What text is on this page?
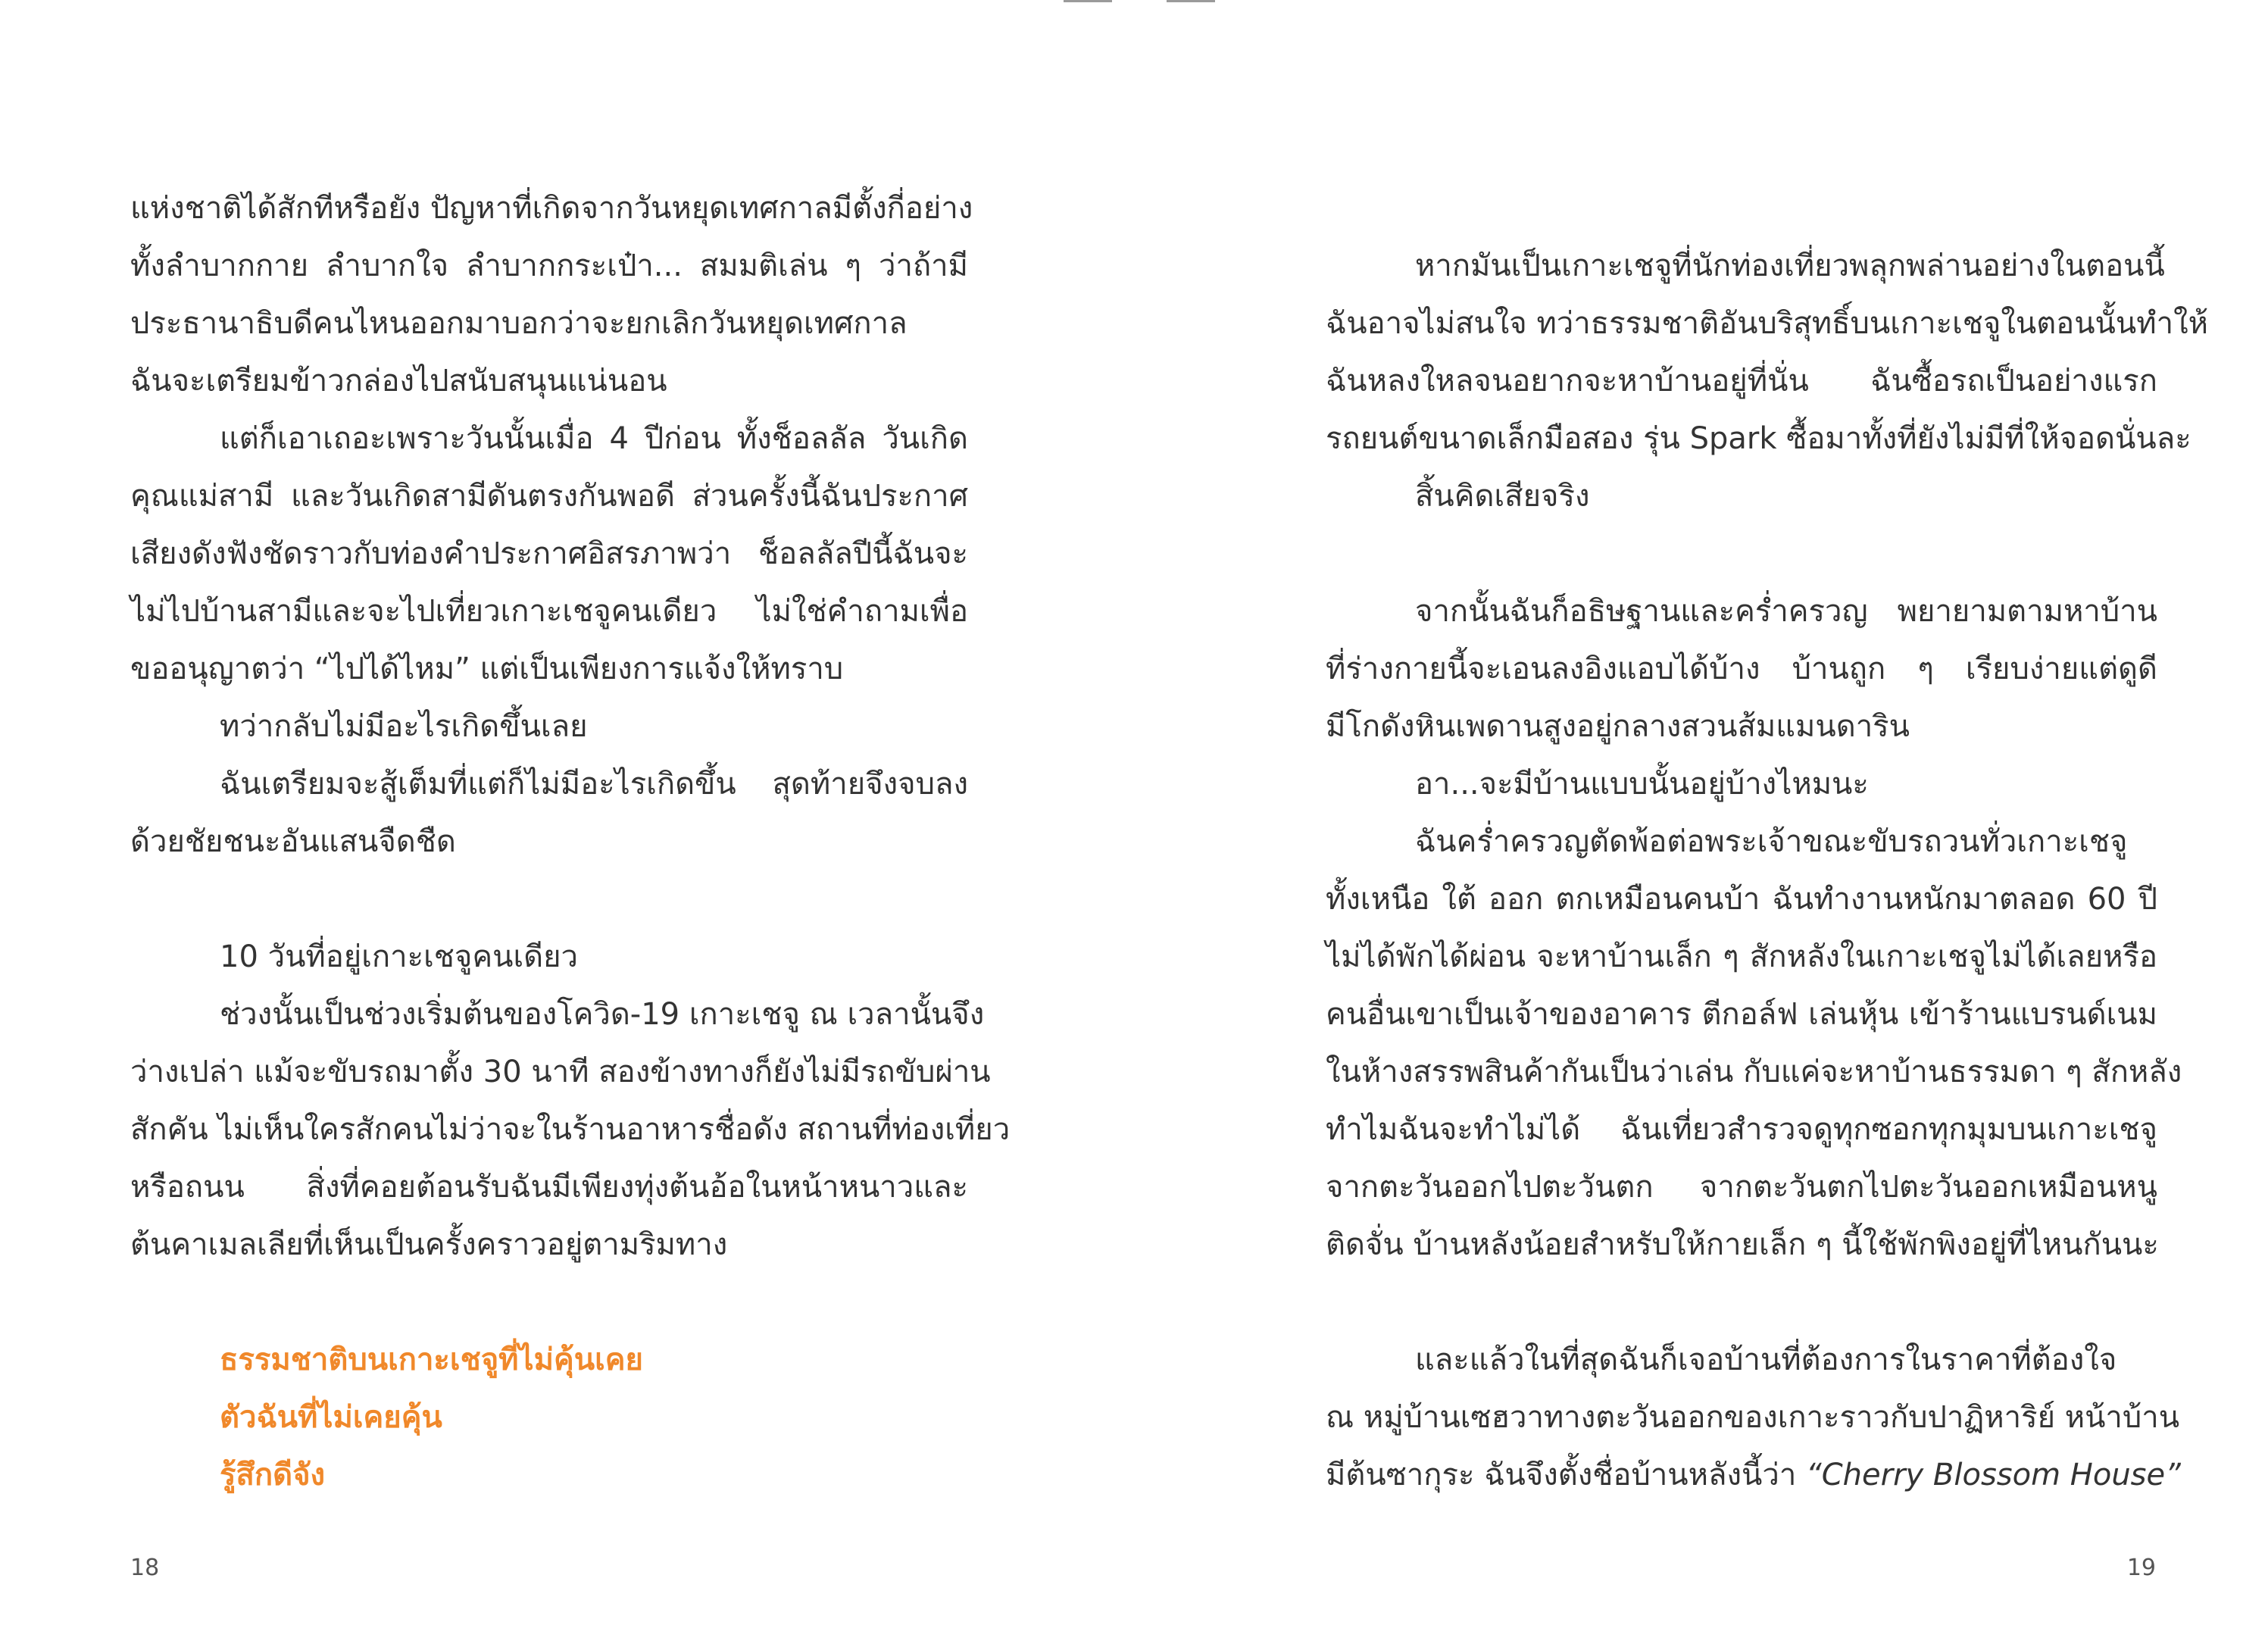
แห่งชาติได้สักทีหรือยัง ปัญหาที่เกิดจากวันหยุดเทศกาลมีตั้งกี่อย่าง
ทั้งลำบากกาย ลำบากใจ ลำบากกระเป๋า... สมมติเล่น ๆ ว่าถ้ามี
ประธานาธิบดีคนไหนออกมาบอกว่าจะยกเลิกวันหยุดเทศกาล
ฉันจะเตรียมข้าวกล่องไปสนับสนุนแน่นอน
แต่ก็เอาเถอะเพราะวันนั้นเมื่อ 4 ปีก่อน ทั้งช็อลลัล วันเกิด
คุณแม่สามี และวันเกิดสามีดันตรงกันพอดี ส่วนครั้งนี้ฉันประกาศ
เสียงดังฟังชัดราวกับท่องคำประกาศอิสรภาพว่า ช็อลลัลปีนี้ฉันจะ
ไม่ไปบ้านสามีและจะไปเที่ยวเกาะเชจูคนเดียว ไม่ใช่คำถามเพื่อ
ขออนุญาตว่า “ไปได้ไหม” แต่เป็นเพียงการแจ้งให้ทราบ
ทว่ากลับไม่มีอะไรเกิดขึ้นเลย
ฉันเตรียมจะสู้เต็มที่แต่ก็ไม่มีอะไรเกิดขึ้น สุดท้ายจึงจบลง
ด้วยชัยชนะอันแสนจืดชืด
10 วันที่อยู่เกาะเชจูคนเดียว
ช่วงนั้นเป็นช่วงเริ่มต้นของโควิด-19 เกาะเชจู ณ เวลานั้นจึง
ว่างเปล่า แม้จะขับรถมาตั้ง 30 นาที สองข้างทางก็ยังไม่มีรถขับผ่าน
สักคัน ไม่เห็นใครสักคนไม่ว่าจะในร้านอาหารชื่อดัง สถานที่ท่องเที่ยว
หรือถนน สิ่งที่คอยต้อนรับฉันมีเพียงทุ่งต้นอ้อในหน้าหนาวและ
ต้นคาเมลเลียที่เห็นเป็นครั้งคราวอยู่ตามริมทาง
ธรรมชาติบนเกาะเชจูที่ไม่คุ้นเคย
ตัวฉันที่ไม่เคยคุ้น
รู้สึกดีจัง
18
หากมันเป็นเกาะเชจูที่นักท่องเที่ยวพลุกพล่านอย่างในตอนนี้
ฉันอาจไม่สนใจ ทว่าธรรมชาติอันบริสุทธิ์บนเกาะเชจูในตอนนั้นทำให้
ฉันหลงใหลจนอยากจะหาบ้านอยู่ที่นั่น ฉันซื้อรถเป็นอย่างแรก
รถยนต์ขนาดเล็กมือสอง รุ่น Spark ซื้อมาทั้งที่ยังไม่มีที่ให้จอดนั่นละ
สิ้นคิดเสียจริง
จากนั้นฉันก็อธิษฐานและคร่ำครวญ พยายามตามหาบ้าน
ที่ร่างกายนี้จะเอนลงอิงแอบได้บ้าง บ้านถูก ๆ เรียบง่ายแต่ดูดี
มีโกดังหินเพดานสูงอยู่กลางสวนส้มแมนดาริน
อา...จะมีบ้านแบบนั้นอยู่บ้างไหมนะ
ฉันคร่ำครวญตัดพ้อต่อพระเจ้าขณะขับรถวนทั่วเกาะเชจู
ทั้งเหนือ ใต้ ออก ตกเหมือนคนบ้า ฉันทำงานหนักมาตลอด 60 ปี
ไม่ได้พักได้ผ่อน จะหาบ้านเล็ก ๆ สักหลังในเกาะเชจูไม่ได้เลยหรือ
คนอื่นเขาเป็นเจ้าของอาคาร ตีกอล์ฟ เล่นหุ้น เข้าร้านแบรนด์เนม
ในห้างสรรพสินค้ากันเป็นว่าเล่น กับแค่จะหาบ้านธรรมดา ๆ สักหลัง
ทำไมฉันจะทำไม่ได้ ฉันเที่ยวสำรวจดูทุกซอกทุกมุมบนเกาะเชจู
จากตะวันออกไปตะวันตก จากตะวันตกไปตะวันออกเหมือนหนู
ติดจั่น บ้านหลังน้อยสำหรับให้กายเล็ก ๆ นี้ใช้พักพิงอยู่ที่ไหนกันนะ
และแล้วในที่สุดฉันก็เจอบ้านที่ต้องการในราคาที่ต้องใจ
ณ หมู่บ้านเซฮวาทางตะวันออกของเกาะราวกับปาฏิหาริย์ หน้าบ้าน
มีต้นซากุระ ฉันจึงตั้งชื่อบ้านหลังนี้ว่า “Cherry Blossom House”
19
